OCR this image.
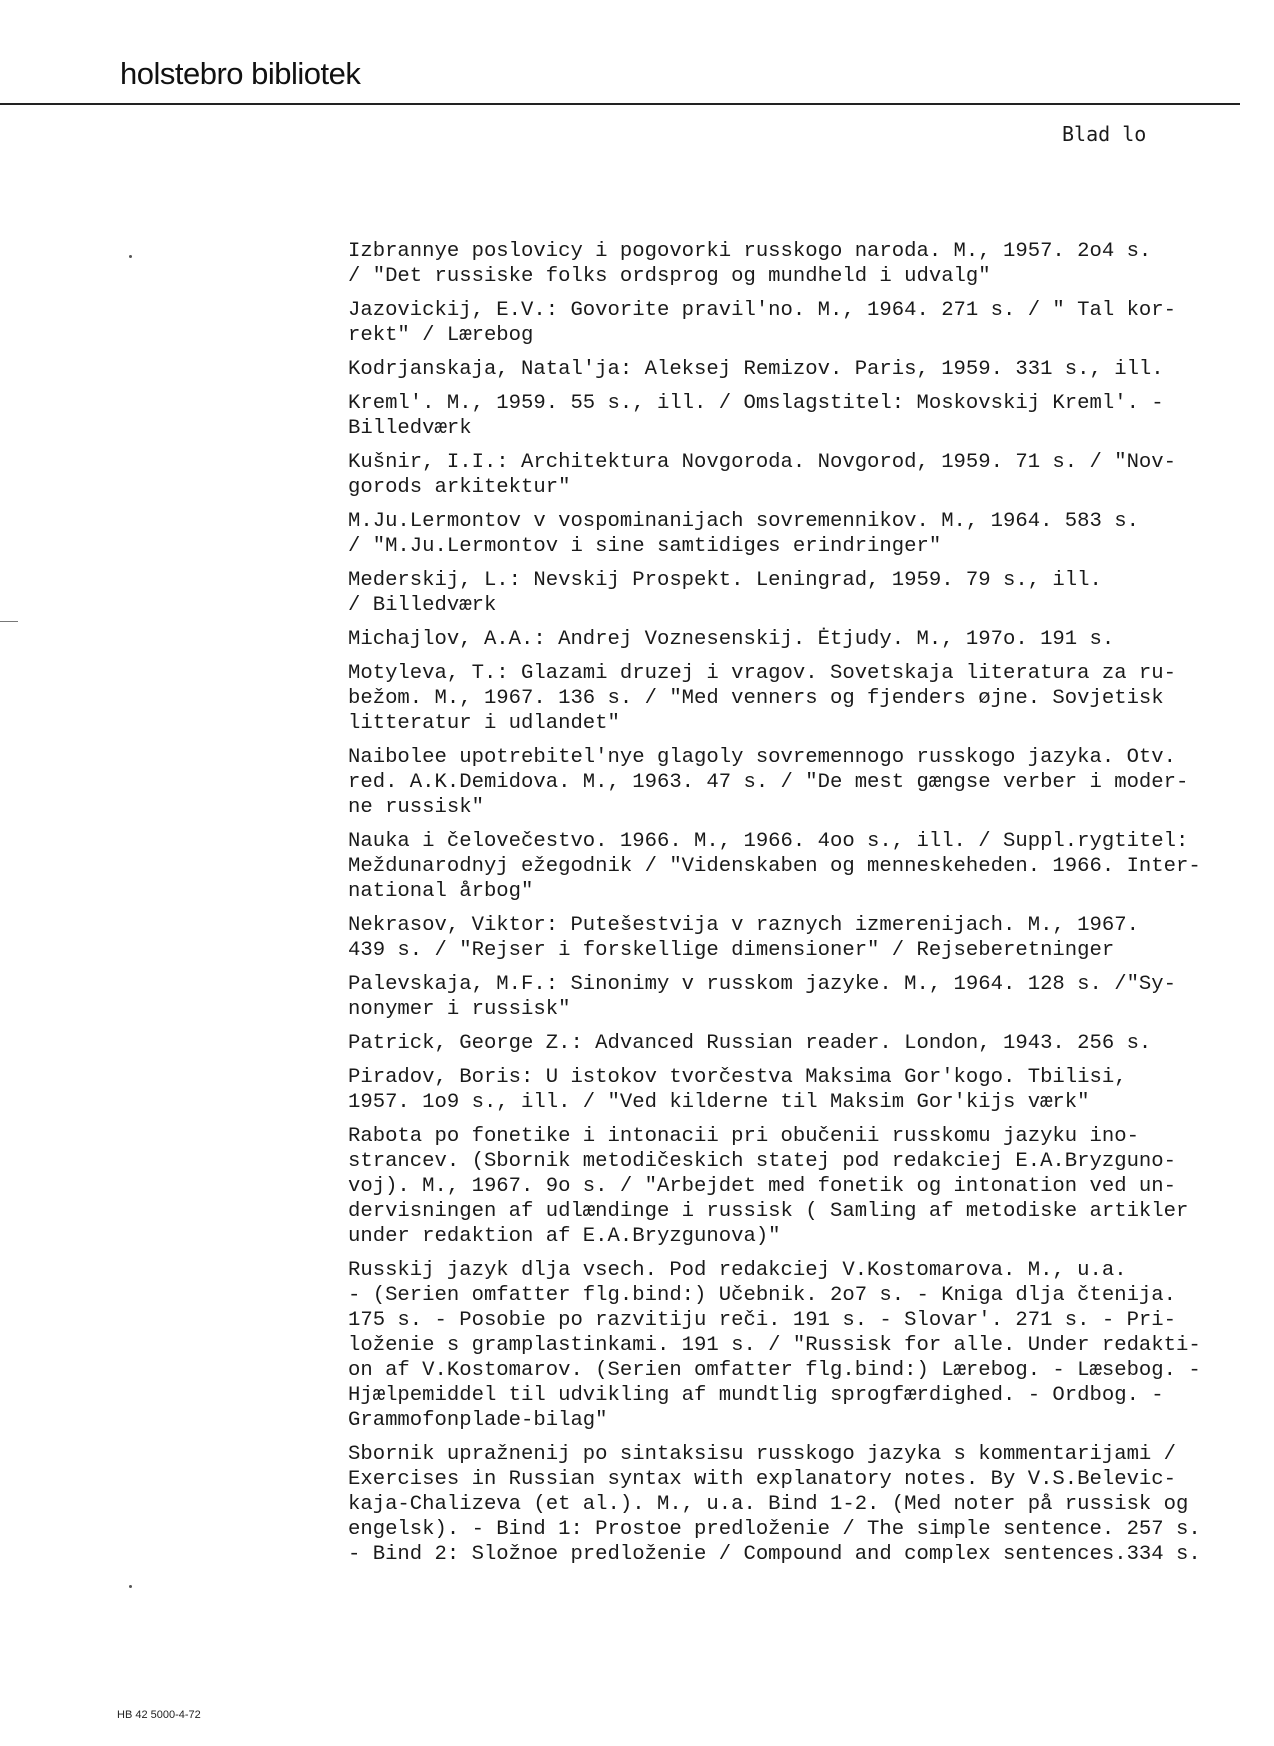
holstebro bibliotek
Blad lo
Izbrannye poslovicy i pogovorki russkogo naroda. M., 1957. 2o4 s.
/ "Det russiske folks ordsprog og mundheld i udvalg"
Jazovickij, E.V.: Govorite pravil'no. M., 1964. 271 s. / " Tal kor-
rekt" / Lærebog
Kodrjanskaja, Natal'ja: Aleksej Remizov. Paris, 1959. 331 s., ill.
Kreml'. M., 1959. 55 s., ill. / Omslagstitel: Moskovskij Kreml'. -
Billedværk
Kušnir, I.I.: Architektura Novgoroda. Novgorod, 1959. 71 s. / "Nov-
gorods arkitektur"
M.Ju.Lermontov v vospominanijach sovremennikov. M., 1964. 583 s.
/ "M.Ju.Lermontov i sine samtidiges erindringer"
Mederskij, L.: Nevskij Prospekt. Leningrad, 1959. 79 s., ill.
/ Billedværk
Michajlov, A.A.: Andrej Voznesenskij. Ėtjudy. M., 197o. 191 s.
Motyleva, T.: Glazami druzej i vragov. Sovetskaja literatura za ru-
bežom. M., 1967. 136 s. / "Med venners og fjenders øjne. Sovjetisk
litteratur i udlandet"
Naibolee upotrebitel'nye glagoly sovremennogo russkogo jazyka. Otv.
red. A.K.Demidova. M., 1963. 47 s. / "De mest gængse verber i moder-
ne russisk"
Nauka i čelovečestvo. 1966. M., 1966. 4oo s., ill. / Suppl.rygtitel:
Meždunarodnyj ežegodnik / "Videnskaben og menneskeheden. 1966. Inter-
national årbog"
Nekrasov, Viktor: Putešestvija v raznych izmerenijach. M., 1967.
439 s. / "Rejser i forskellige dimensioner" / Rejseberetninger
Palevskaja, M.F.: Sinonimy v russkom jazyke. M., 1964. 128 s. /"Sy-
nonymer i russisk"
Patrick, George Z.: Advanced Russian reader. London, 1943. 256 s.
Piradov, Boris: U istokov tvorčestva Maksima Gor'kogo. Tbilisi,
1957. 1o9 s., ill. / "Ved kilderne til Maksim Gor'kijs værk"
Rabota po fonetike i intonacii pri obučenii russkomu jazyku ino-
strancev. (Sbornik metodičeskich statej pod redakciej E.A.Bryzguno-
voj). M., 1967. 9o s. / "Arbejdet med fonetik og intonation ved un-
dervisningen af udlændinge i russisk ( Samling af metodiske artikler
under redaktion af E.A.Bryzgunova)"
Russkij jazyk dlja vsech. Pod redakciej V.Kostomarova. M., u.a.
- (Serien omfatter flg.bind:) Učebnik. 2o7 s. - Kniga dlja čtenija.
175 s. - Posobie po razvitiju reči. 191 s. - Slovar'. 271 s. - Pri-
loženie s gramplastinkami. 191 s. / "Russisk for alle. Under redakti-
on af V.Kostomarov. (Serien omfatter flg.bind:) Lærebog. - Læsebog. -
Hjælpemiddel til udvikling af mundtlig sprogfærdighed. - Ordbog. -
Grammofonplade-bilag"
Sbornik upražnenij po sintaksisu russkogo jazyka s kommentarijami /
Exercises in Russian syntax with explanatory notes. By V.S.Belevic-
kaja-Chalizeva (et al.). M., u.a. Bind 1-2. (Med noter på russisk og
engelsk). - Bind 1: Prostoe predloženie / The simple sentence. 257 s.
- Bind 2: Složnoe predloženie / Compound and complex sentences.334 s.
HB 42 5000-4-72
